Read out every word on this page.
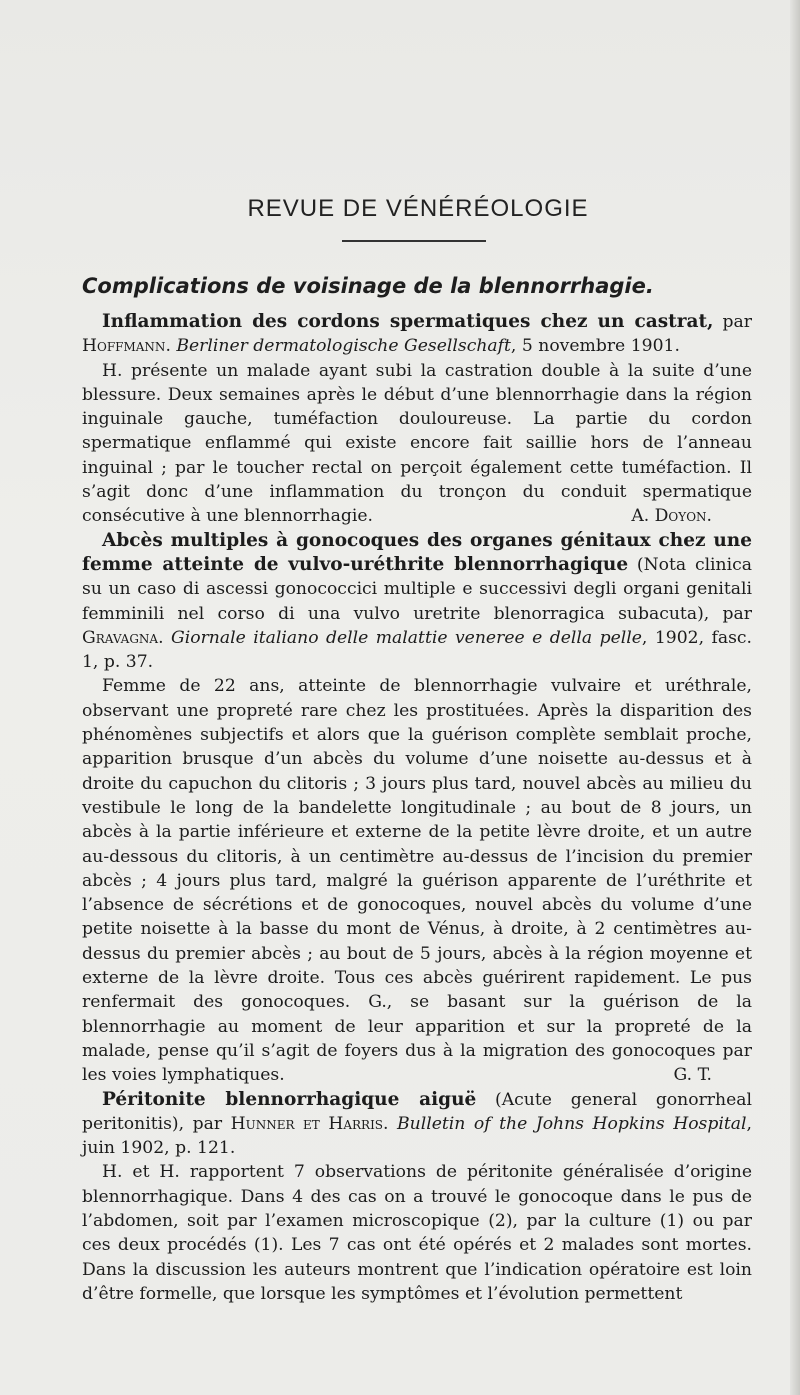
REVUE DE VÉNÉRÉOLOGIE
Complications de voisinage de la blennorrhagie.

Inflammation des cordons spermatiques chez un castrat, par Hoffmann. Berliner dermatologische Gesellschaft, 5 novembre 1901.

H. présente un malade ayant subi la castration double à la suite d’une blessure. Deux semaines après le début d’une blennorrhagie dans la région inguinale gauche, tuméfaction douloureuse. La partie du cordon spermatique enflammé qui existe encore fait saillie hors de l’anneau inguinal ; par le toucher rectal on perçoit également cette tuméfaction. Il s’agit donc d’une inflammation du tronçon du conduit spermatique consécutive à une blennorrhagie.	A. Doyon.

Abcès multiples à gonocoques des organes génitaux chez une femme atteinte de vulvo-uréthrite blennorrhagique (Nota clinica su un caso di ascessi gonococcici multiple e successivi degli organi genitali femminili nel corso di una vulvo uretrite blenorragica subacuta), par Gravagna. Giornale italiano delle malattie veneree e della pelle, 1902, fasc. 1, p. 37.

Femme de 22 ans, atteinte de blennorrhagie vulvaire et uréthrale, observant une propreté rare chez les prostituées. Après la disparition des phénomènes subjectifs et alors que la guérison complète semblait proche, apparition brusque d’un abcès du volume d’une noisette au-dessus et à droite du capuchon du clitoris ; 3 jours plus tard, nouvel abcès au milieu du vestibule le long de la bandelette longitudinale ; au bout de 8 jours, un abcès à la partie inférieure et externe de la petite lèvre droite, et un autre au-dessous du clitoris, à un centimètre au-dessus de l’incision du premier abcès ; 4 jours plus tard, malgré la guérison apparente de l’uréthrite et l’absence de sécrétions et de gonocoques, nouvel abcès du volume d’une petite noisette à la basse du mont de Vénus, à droite, à 2 centimètres au-dessus du premier abcès ; au bout de 5 jours, abcès à la région moyenne et externe de la lèvre droite. Tous ces abcès guérirent rapidement. Le pus renfermait des gonocoques. G., se basant sur la guérison de la blennorrhagie au moment de leur apparition et sur la propreté de la malade, pense qu’il s’agit de foyers dus à la migration des gonocoques par les voies lymphatiques.	G. T.

Péritonite blennorrhagique aiguë (Acute general gonorrheal peritonitis), par Hunner et Harris. Bulletin of the Johns Hopkins Hospital, juin 1902, p. 121.

H. et H. rapportent 7 observations de péritonite généralisée d’origine blennorrhagique. Dans 4 des cas on a trouvé le gonocoque dans le pus de l’abdomen, soit par l’examen microscopique (2), par la culture (1) ou par ces deux procédés (1). Les 7 cas ont été opérés et 2 malades sont mortes. Dans la discussion les auteurs montrent que l’indication opératoire est loin d’être formelle, que lorsque les symptômes et l’évolution permettent
